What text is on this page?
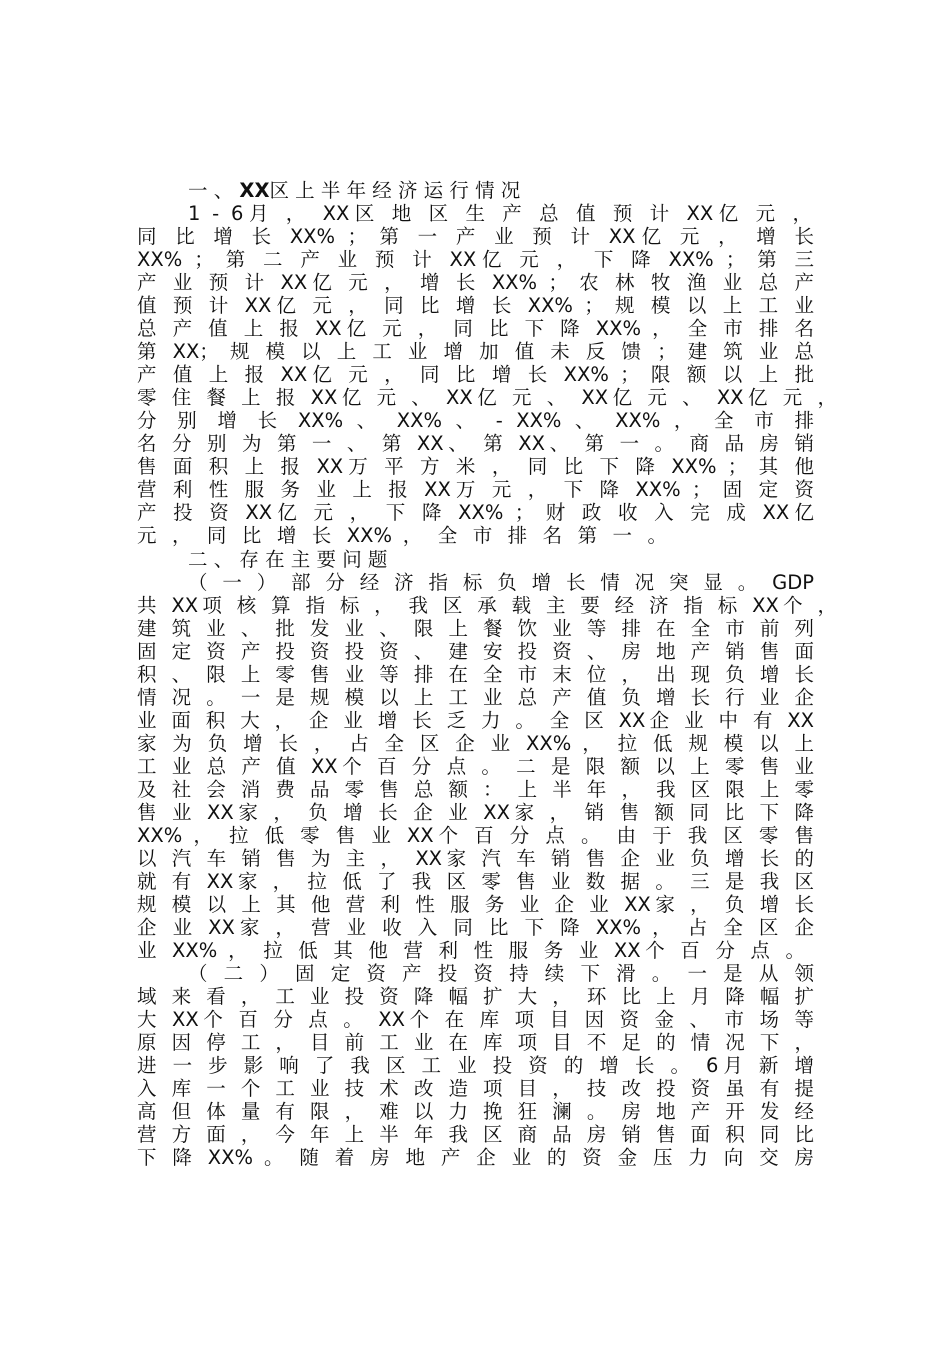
一 、 XX区 上 半 年 经 济 运 行 情 况
1 - 6月 ， XX区 地 区 生 产 总 值 预 计 XX亿 元 ，
同 比 增 长 XX% ； 第 一 产 业 预 计 XX亿 元 ， 增 长
XX% ； 第 二 产 业 预 计 XX亿 元 ， 下 降 XX% ； 第 三
产 业 预 计 XX亿 元 ， 增 长 XX% ； 农 林 牧 渔 业 总 产
值 预 计 XX亿 元 ， 同 比 增 长 XX% ； 规 模 以 上 工 业
总 产 值 上 报 XX亿 元 ， 同 比 下 降 XX% ， 全 市 排 名
第 XX； 规 模 以 上 工 业 增 加 值 未 反 馈 ； 建 筑 业 总
产 值 上 报 XX亿 元 ， 同 比 增 长 XX% ； 限 额 以 上 批
零 住 餐 上 报 XX亿 元 、 XX亿 元 、 XX亿 元 、 XX亿 元 ，
分 别 增 长 XX% 、 XX% 、 - XX% 、 XX% ， 全 市 排
名 分 别 为 第 一 、 第 XX、 第 XX、 第 一 。 商 品 房 销
售 面 积 上 报 XX万 平 方 米 ， 同 比 下 降 XX% ； 其 他
营 利 性 服 务 业 上 报 XX万 元 ， 下 降 XX% ； 固 定 资
产 投 资 XX亿 元 ， 下 降 XX% ； 财 政 收 入 完 成 XX亿
元 ， 同 比 增 长 XX% ， 全 市 排 名 第 一 。
二 、 存 在 主 要 问 题
（ 一 ） 部 分 经 济 指 标 负 增 长 情 况 突 显 。 GDP
共 XX项 核 算 指 标 ， 我 区 承 载 主 要 经 济 指 标 XX个 ，
建 筑 业 、 批 发 业 、 限 上 餐 饮 业 等 排 在 全 市 前 列
固 定 资 产 投 资 投 资 、 建 安 投 资 、 房 地 产 销 售 面
积 、 限 上 零 售 业 等 排 在 全 市 末 位 ， 出 现 负 增 长
情 况 。 一 是 规 模 以 上 工 业 总 产 值 负 增 长 行 业 企
业 面 积 大 ， 企 业 增 长 乏 力 。 全 区 XX企 业 中 有 XX
家 为 负 增 长 ， 占 全 区 企 业 XX% ， 拉 低 规 模 以 上
工 业 总 产 值 XX个 百 分 点 。 二 是 限 额 以 上 零 售 业
及 社 会 消 费 品 零 售 总 额 ： 上 半 年 ， 我 区 限 上 零
售 业 XX家 ， 负 增 长 企 业 XX家 ， 销 售 额 同 比 下 降
XX% ， 拉 低 零 售 业 XX个 百 分 点 。 由 于 我 区 零 售
以 汽 车 销 售 为 主 ， XX家 汽 车 销 售 企 业 负 增 长 的
就 有 XX家 ， 拉 低 了 我 区 零 售 业 数 据 。 三 是 我 区
规 模 以 上 其 他 营 利 性 服 务 业 企 业 XX家 ， 负 增 长
企 业 XX家 ， 营 业 收 入 同 比 下 降 XX% ， 占 全 区 企
业 XX% ， 拉 低 其 他 营 利 性 服 务 业 XX个 百 分 点 。
（ 二 ） 固 定 资 产 投 资 持 续 下 滑 。 一 是 从 领
域 来 看 ， 工 业 投 资 降 幅 扩 大 ， 环 比 上 月 降 幅 扩
大 XX个 百 分 点 。 XX个 在 库 项 目 因 资 金 、 市 场 等
原 因 停 工 ， 目 前 工 业 在 库 项 目 不 足 的 情 况 下 ，
进 一 步 影 响 了 我 区 工 业 投 资 的 增 长 。 6月 新 增
入 库 一 个 工 业 技 术 改 造 项 目 ， 技 改 投 资 虽 有 提
高 但 体 量 有 限 ， 难 以 力 挽 狂 澜 。 房 地 产 开 发 经
营 方 面 ， 今 年 上 半 年 我 区 商 品 房 销 售 面 积 同 比
下 降 XX% 。 随 着 房 地 产 企 业 的 资 金 压 力 向 交 房
